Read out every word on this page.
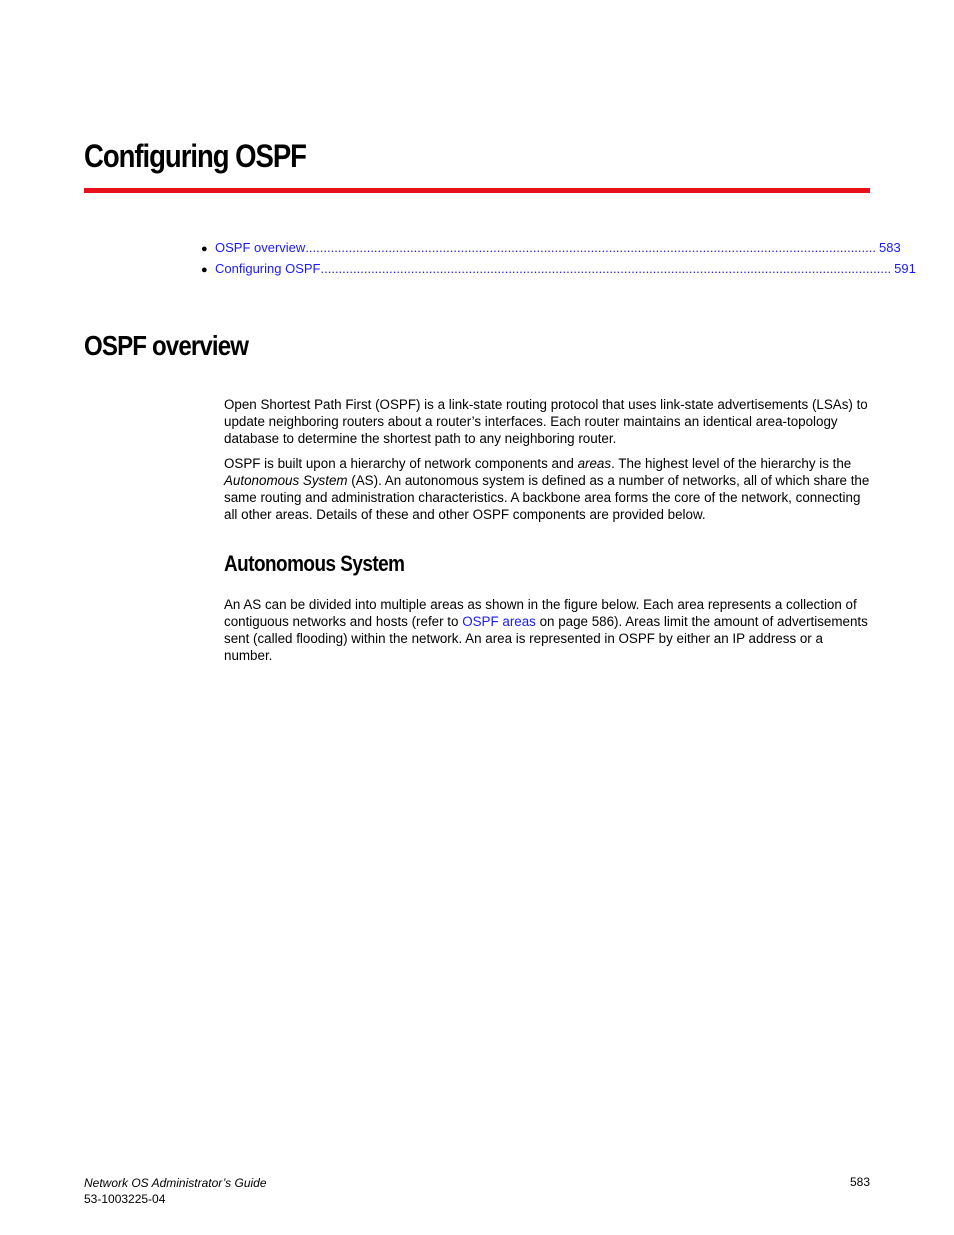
Configuring OSPF
● OSPF overview .............................................................................................................................................................. 583
● Configuring OSPF .............................................................................................................................................................. 591
OSPF overview

Open Shortest Path First (OSPF) is a link-state routing protocol that uses link-state advertisements (LSAs) to update neighboring routers about a router’s interfaces. Each router maintains an identical area-topology database to determine the shortest path to any neighboring router.

OSPF is built upon a hierarchy of network components and areas. The highest level of the hierarchy is the Autonomous System (AS). An autonomous system is defined as a number of networks, all of which share the same routing and administration characteristics. A backbone area forms the core of the network, connecting all other areas. Details of these and other OSPF components are provided below.

Autonomous System

An AS can be divided into multiple areas as shown in the figure below. Each area represents a collection of contiguous networks and hosts (refer to OSPF areas on page 586). Areas limit the amount of advertisements sent (called flooding) within the network. An area is represented in OSPF by either an IP address or a number.

Network OS Administrator’s Guide
53-1003225-04
583
